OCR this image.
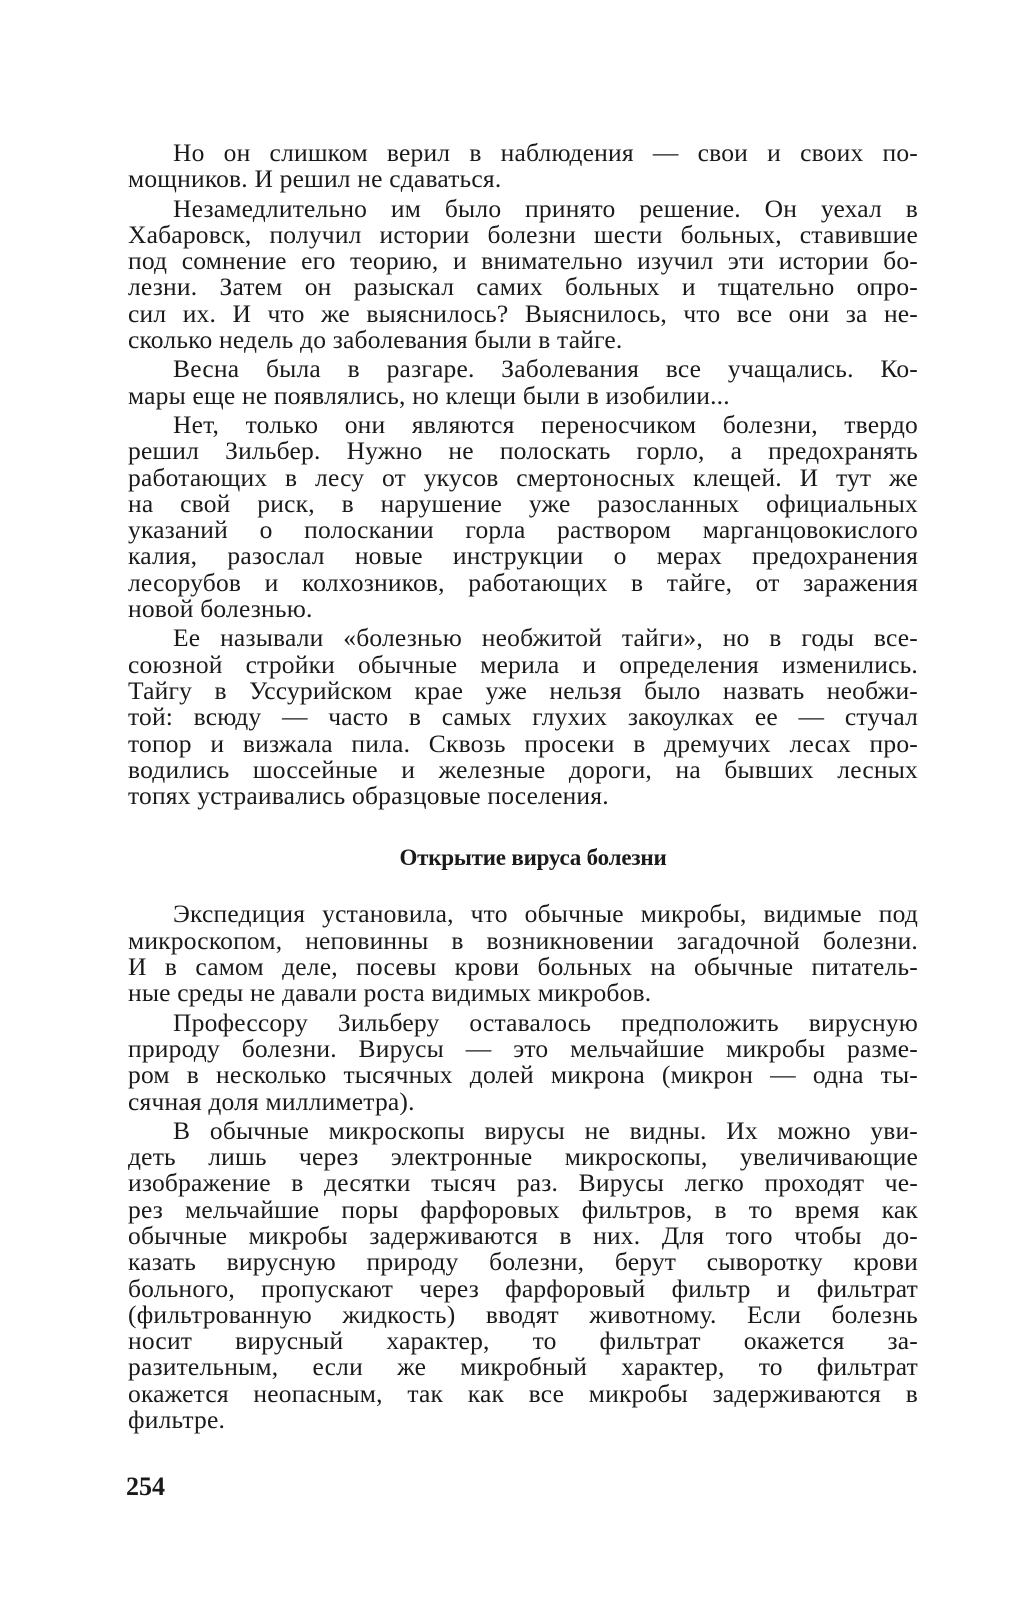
Но он слишком верил в наблюдения — свои и своих по-
мощников. И решил не сдаваться.
Незамедлительно им было принято решение. Он уехал в
Хабаровск, получил истории болезни шести больных, ставившие
под сомнение его теорию, и внимательно изучил эти истории бо-
лезни. Затем он разыскал самих больных и тщательно опро-
сил их. И что же выяснилось? Выяснилось, что все они за не-
сколько недель до заболевания были в тайге.
Весна была в разгаре. Заболевания все учащались. Ко-
мары еще не появлялись, но клещи были в изобилии...
Нет, только они являются переносчиком болезни, твердо
решил Зильбер. Нужно не полоскать горло, а предохранять
работающих в лесу от укусов смертоносных клещей. И тут же
на свой риск, в нарушение уже разосланных официальных
указаний о полоскании горла раствором марганцовокислого
калия, разослал новые инструкции о мерах предохранения
лесорубов и колхозников, работающих в тайге, от заражения
новой болезнью.
Ее называли «болезнью необжитой тайги», но в годы все-
союзной стройки обычные мерила и определения изменились.
Тайгу в Уссурийском крае уже нельзя было назвать необжи-
той: всюду — часто в самых глухих закоулках ее — стучал
топор и визжала пила. Сквозь просеки в дремучих лесах про-
водились шоссейные и железные дороги, на бывших лесных
топях устраивались образцовые поселения.
Открытие вируса болезни
Экспедиция установила, что обычные микробы, видимые под
микроскопом, неповинны в возникновении загадочной болезни.
И в самом деле, посевы крови больных на обычные питатель-
ные среды не давали роста видимых микробов.
Профессору Зильберу оставалось предположить вирусную
природу болезни. Вирусы — это мельчайшие микробы разме-
ром в несколько тысячных долей микрона (микрон — одна ты-
сячная доля миллиметра).
В обычные микроскопы вирусы не видны. Их можно уви-
деть лишь через электронные микроскопы, увеличивающие
изображение в десятки тысяч раз. Вирусы легко проходят че-
рез мельчайшие поры фарфоровых фильтров, в то время как
обычные микробы задерживаются в них. Для того чтобы до-
казать вирусную природу болезни, берут сыворотку крови
больного, пропускают через фарфоровый фильтр и фильтрат
(фильтрованную жидкость) вводят животному. Если болезнь
носит вирусный характер, то фильтрат окажется за-
разительным, если же микробный характер, то фильтрат
окажется неопасным, так как все микробы задерживаются в
фильтре.
254
